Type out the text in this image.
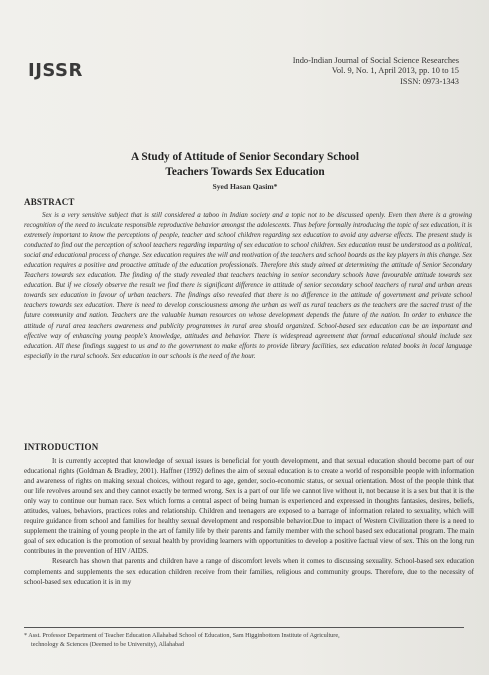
IJSSR	Indo-Indian Journal of Social Science Researches
Vol. 9, No. 1, April 2013, pp. 10 to 15
ISSN: 0973-1343
A Study of Attitude of Senior Secondary School
Teachers Towards Sex Education
Syed Hasan Qasim*
ABSTRACT
Sex is a very sensitive subject that is still considered a taboo in Indian society and a topic not to be discussed openly. Even then there is a growing recognition of the need to inculcate responsible reproductive behavior amongst the adolescents. Thus before formally introducing the topic of sex education, it is extremely important to know the perceptions of people, teacher and school children regarding sex education to avoid any adverse effects. The present study is conducted to find out the perception of school teachers regarding imparting of sex education to school children. Sex education must be understood as a political, social and educational process of change. Sex education requires the will and motivation of the teachers and school boards as the key players in this change. Sex education requires a positive and proactive attitude of the education professionals. Therefore this study aimed at determining the attitude of Senior Secondary Teachers towards sex education. The finding of the study revealed that teachers teaching in senior secondary schools have favourable attitude towards sex education. But if we closely observe the result we find there is significant difference in attitude of senior secondary school teachers of rural and urban areas towards sex education in favour of urban teachers. The findings also revealed that there is no difference in the attitude of government and private school teachers towards sex education. There is need to develop consciousness among the urban as well as rural teachers as the teachers are the sacred trust of the future community and nation. Teachers are the valuable human resources on whose development depends the future of the nation. In order to enhance the attitude of rural area teachers awareness and publicity programmes in rural area should organized. School-based sex education can be an important and effective way of enhancing young people's knowledge, attitudes and behavior. There is widespread agreement that formal educational should include sex education. All these findings suggest to us and to the government to make efforts to provide library facilities, sex education related books in local language especially in the rural schools. Sex education in our schools is the need of the hour.
INTRODUCTION

It is currently accepted that knowledge of sexual issues is beneficial for youth development, and that sexual education should become part of our educational rights (Goldman & Bradley, 2001). Haffner (1992) defines the aim of sexual education is to create a world of responsible people with information and awareness of rights on making sexual choices, without regard to age, gender, socio-economic status, or sexual orientation. Most of the people think that our life revolves around sex and they cannot exactly be termed wrong. Sex is a part of our life we cannot live without it, not because it is a sex but that it is the only way to continue our human race. Sex which forms a central aspect of being human is experienced and expressed in thoughts fantasies, desires, beliefs, attitudes, values, behaviors, practices roles and relationship. Children and teenagers are exposed to a barrage of information related to sexuality, which will require guidance from school and families for healthy sexual development and responsible behavior.Due to impact of Western Civilization there is a need to supplement the training of young people in the art of family life by their parents and family member with the school based sex educational program. The main goal of sex education is the promotion of sexual health by providing learners with opportunities to develop a positive factual view of sex. This on the long run contributes in the prevention of HIV /AIDS.

Research has shown that parents and children have a range of discomfort levels when it comes to discussing sexuality. School-based sex education complements and supplements the sex education children receive from their families, religious and community groups. Therefore, due to the necessity of school-based sex education it is in my

* Asst. Professor Department of Teacher Education Allahabad School of Education, Sam Higginbottom Institute of Agriculture,
technology & Sciences (Deemed to be University), Allahabad
